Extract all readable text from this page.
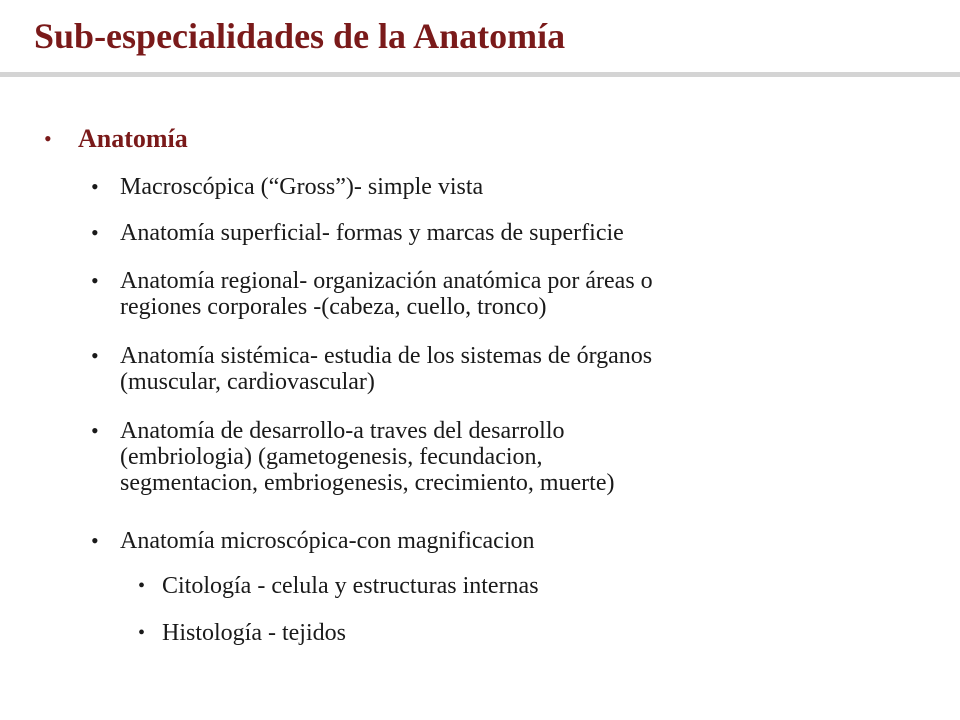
Sub-especialidades de la Anatomía
• Anatomía
• Macroscópica (“Gross”)- simple vista
• Anatomía superficial- formas y marcas de superficie
• Anatomía regional- organización anatómica por áreas o
regiones corporales -(cabeza, cuello, tronco)
• Anatomía sistémica- estudia de los sistemas de órganos
(muscular, cardiovascular)
• Anatomía de desarrollo-a traves del desarrollo
(embriologia) (gametogenesis, fecundacion,
segmentacion, embriogenesis, crecimiento, muerte)
• Anatomía microscópica-con magnificacion
• Citología - celula y estructuras internas
• Histología - tejidos
